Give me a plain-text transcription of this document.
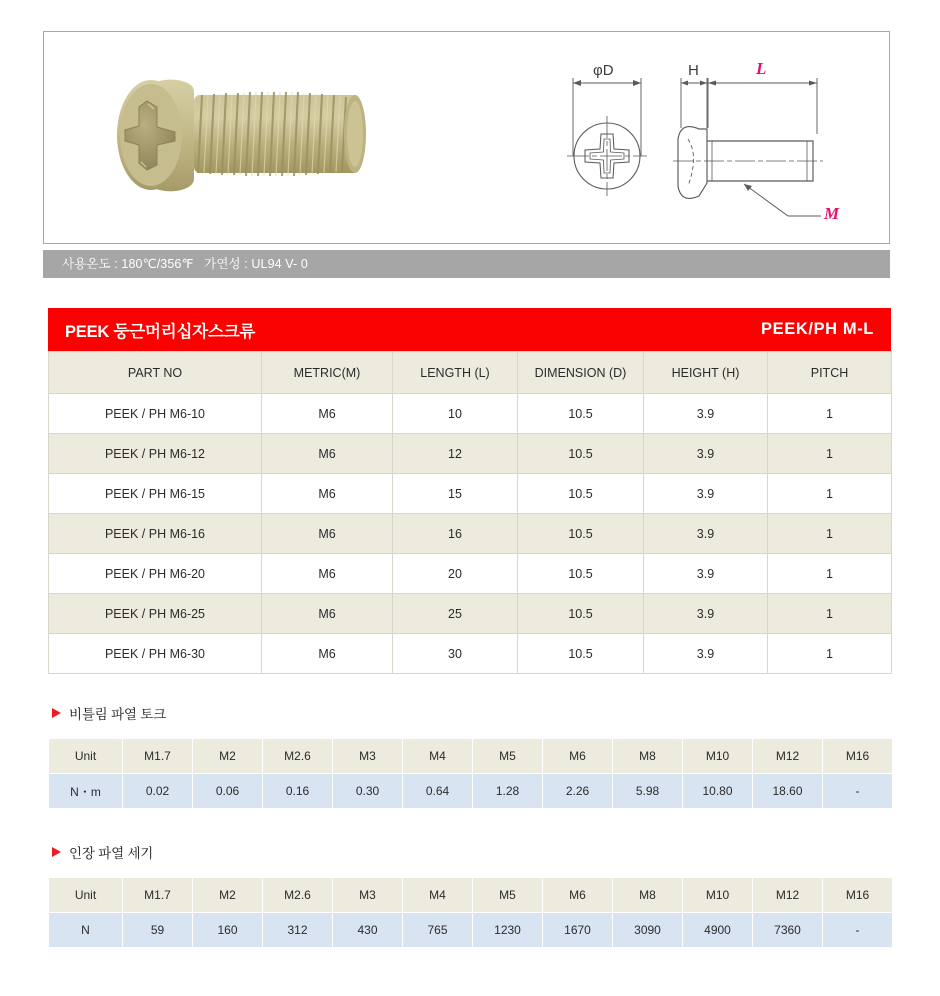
φD	H	L
M
사용온도 : 180℃/356℉   가연성 : UL94 V- 0
PEEK 둥근머리십자스크류	PEEK/PH M-L
PART NO	METRIC(M)	LENGTH (L)	DIMENSION (D)	HEIGHT (H)	PITCH
PEEK / PH M6-10	M6	10	10.5	3.9	1
PEEK / PH M6-12	M6	12	10.5	3.9	1
PEEK / PH M6-15	M6	15	10.5	3.9	1
PEEK / PH M6-16	M6	16	10.5	3.9	1
PEEK / PH M6-20	M6	20	10.5	3.9	1
PEEK / PH M6-25	M6	25	10.5	3.9	1
PEEK / PH M6-30	M6	30	10.5	3.9	1
비틀림 파열 토크
Unit	M1.7	M2	M2.6	M3	M4	M5	M6	M8	M10	M12	M16
N・m	0.02	0.06	0.16	0.30	0.64	1.28	2.26	5.98	10.80	18.60	-
인장 파열 세기
Unit	M1.7	M2	M2.6	M3	M4	M5	M6	M8	M10	M12	M16
N	59	160	312	430	765	1230	1670	3090	4900	7360	-
